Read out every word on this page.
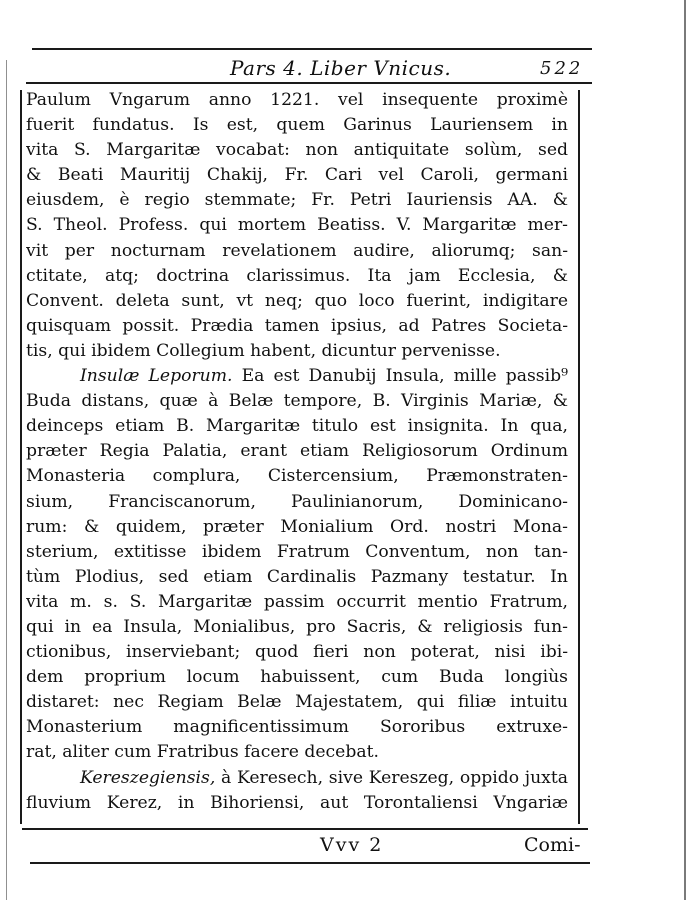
Pars 4. Liber Vnicus.	522
Paulum Vngarum anno 1221. vel insequente proximè
fuerit fundatus. Is est, quem Garinus Lauriensem in
vita S. Margaritæ vocabat: non antiquitate solùm, sed
& Beati Mauritij Chakij, Fr. Cari vel Caroli, germani
eiusdem, è regio stemmate; Fr. Petri Iauriensis AA. &
S. Theol. Profess. qui mortem Beatiss. V. Margaritæ mer-
vit per nocturnam revelationem audire, aliorumq; san-
ctitate, atq; doctrina clarissimus. Ita jam Ecclesia, &
Convent. deleta sunt, vt neq; quo loco fuerint, indigitare
quisquam possit. Prædia tamen ipsius, ad Patres Societa-
tis, qui ibidem Collegium habent, dicuntur pervenisse.
Insulæ Leporum. Ea est Danubij Insula, mille passib⁹
Buda distans, quæ à Belæ tempore, B. Virginis Mariæ, &
deinceps etiam B. Margaritæ titulo est insignita. In qua,
præter Regia Palatia, erant etiam Religiosorum Ordinum
Monasteria complura, Cistercensium, Præmonstraten-
sium, Franciscanorum, Paulinianorum, Dominicano-
rum: & quidem, præter Monialium Ord. nostri Mona-
sterium, extitisse ibidem Fratrum Conventum, non tan-
tùm Plodius, sed etiam Cardinalis Pazmany testatur. In
vita m. s. S. Margaritæ passim occurrit mentio Fratrum,
qui in ea Insula, Monialibus, pro Sacris, & religiosis fun-
ctionibus, inserviebant; quod fieri non poterat, nisi ibi-
dem proprium locum habuissent, cum Buda longiùs
distaret: nec Regiam Belæ Majestatem, qui filiæ intuitu
Monasterium magnificentissimum Sororibus extruxe-
rat, aliter cum Fratribus facere decebat.
Kereszegiensis, à Keresech, sive Kereszeg, oppido juxta
fluvium Kerez, in Bihoriensi, aut Torontaliensi Vngariæ
Vvv 2	Comi-
